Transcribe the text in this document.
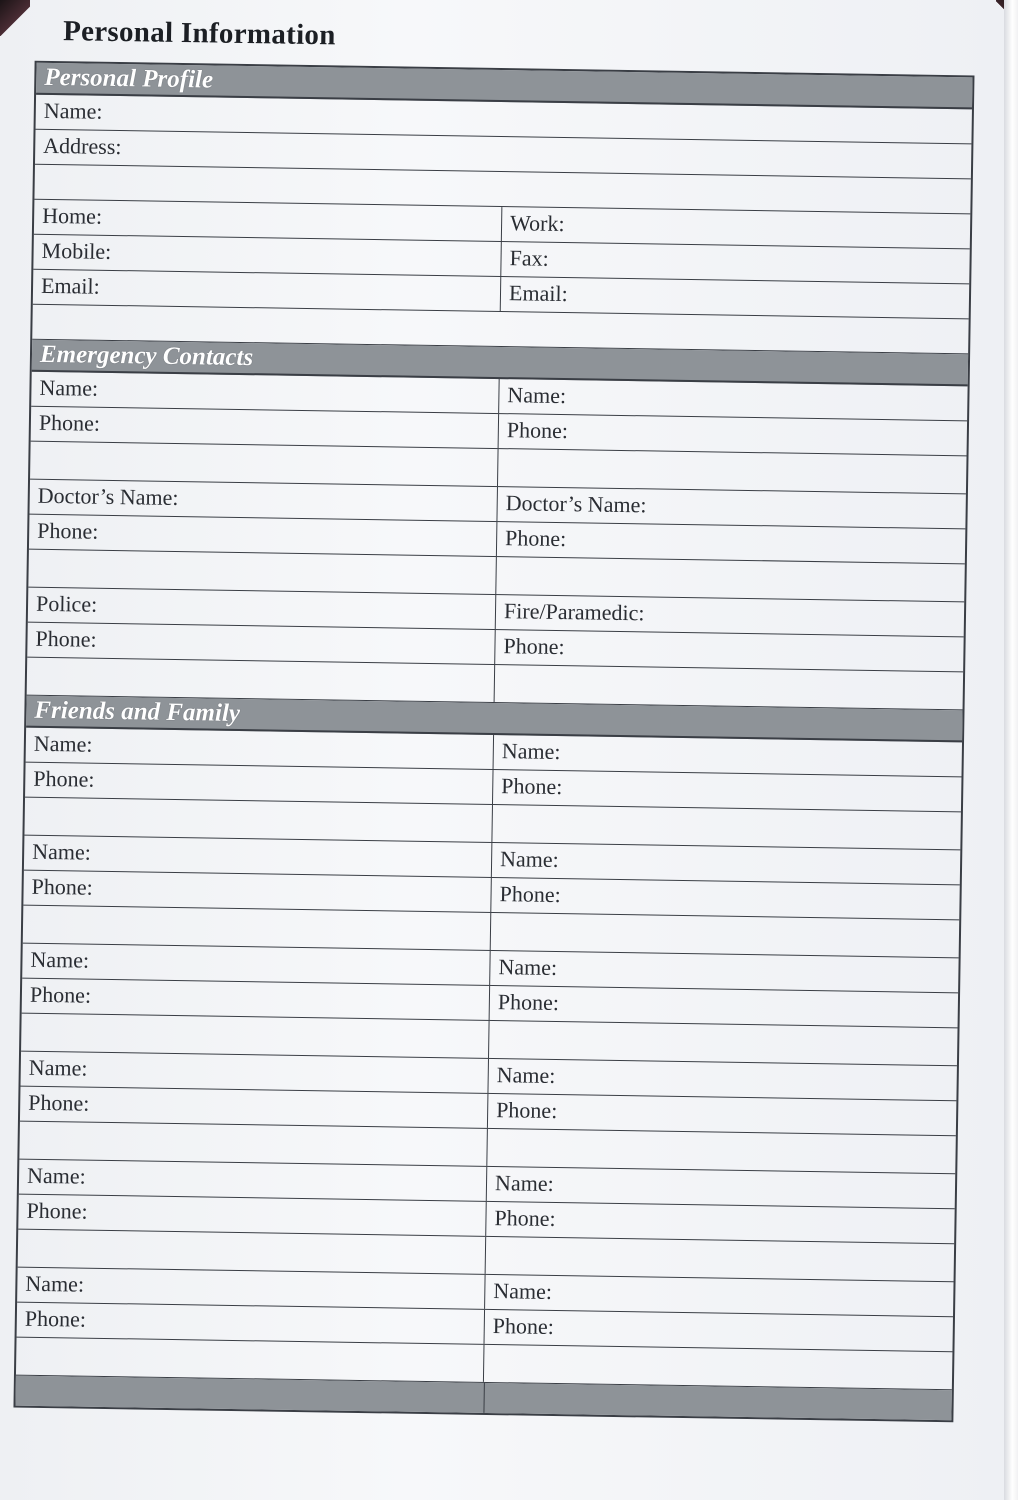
Personal Information
Personal Profile
Name:
Address:
Home:	Work:
Mobile:	Fax:
Email:	Email:
Emergency Contacts
Name:	Name:
Phone:	Phone:
Doctor’s Name:	Doctor’s Name:
Phone:	Phone:
Police:	Fire/Paramedic:
Phone:	Phone:
Friends and Family
Name:	Name:
Phone:	Phone:
Name:	Name:
Phone:	Phone:
Name:	Name:
Phone:	Phone:
Name:	Name:
Phone:	Phone:
Name:	Name:
Phone:	Phone:
Name:	Name:
Phone:	Phone:
